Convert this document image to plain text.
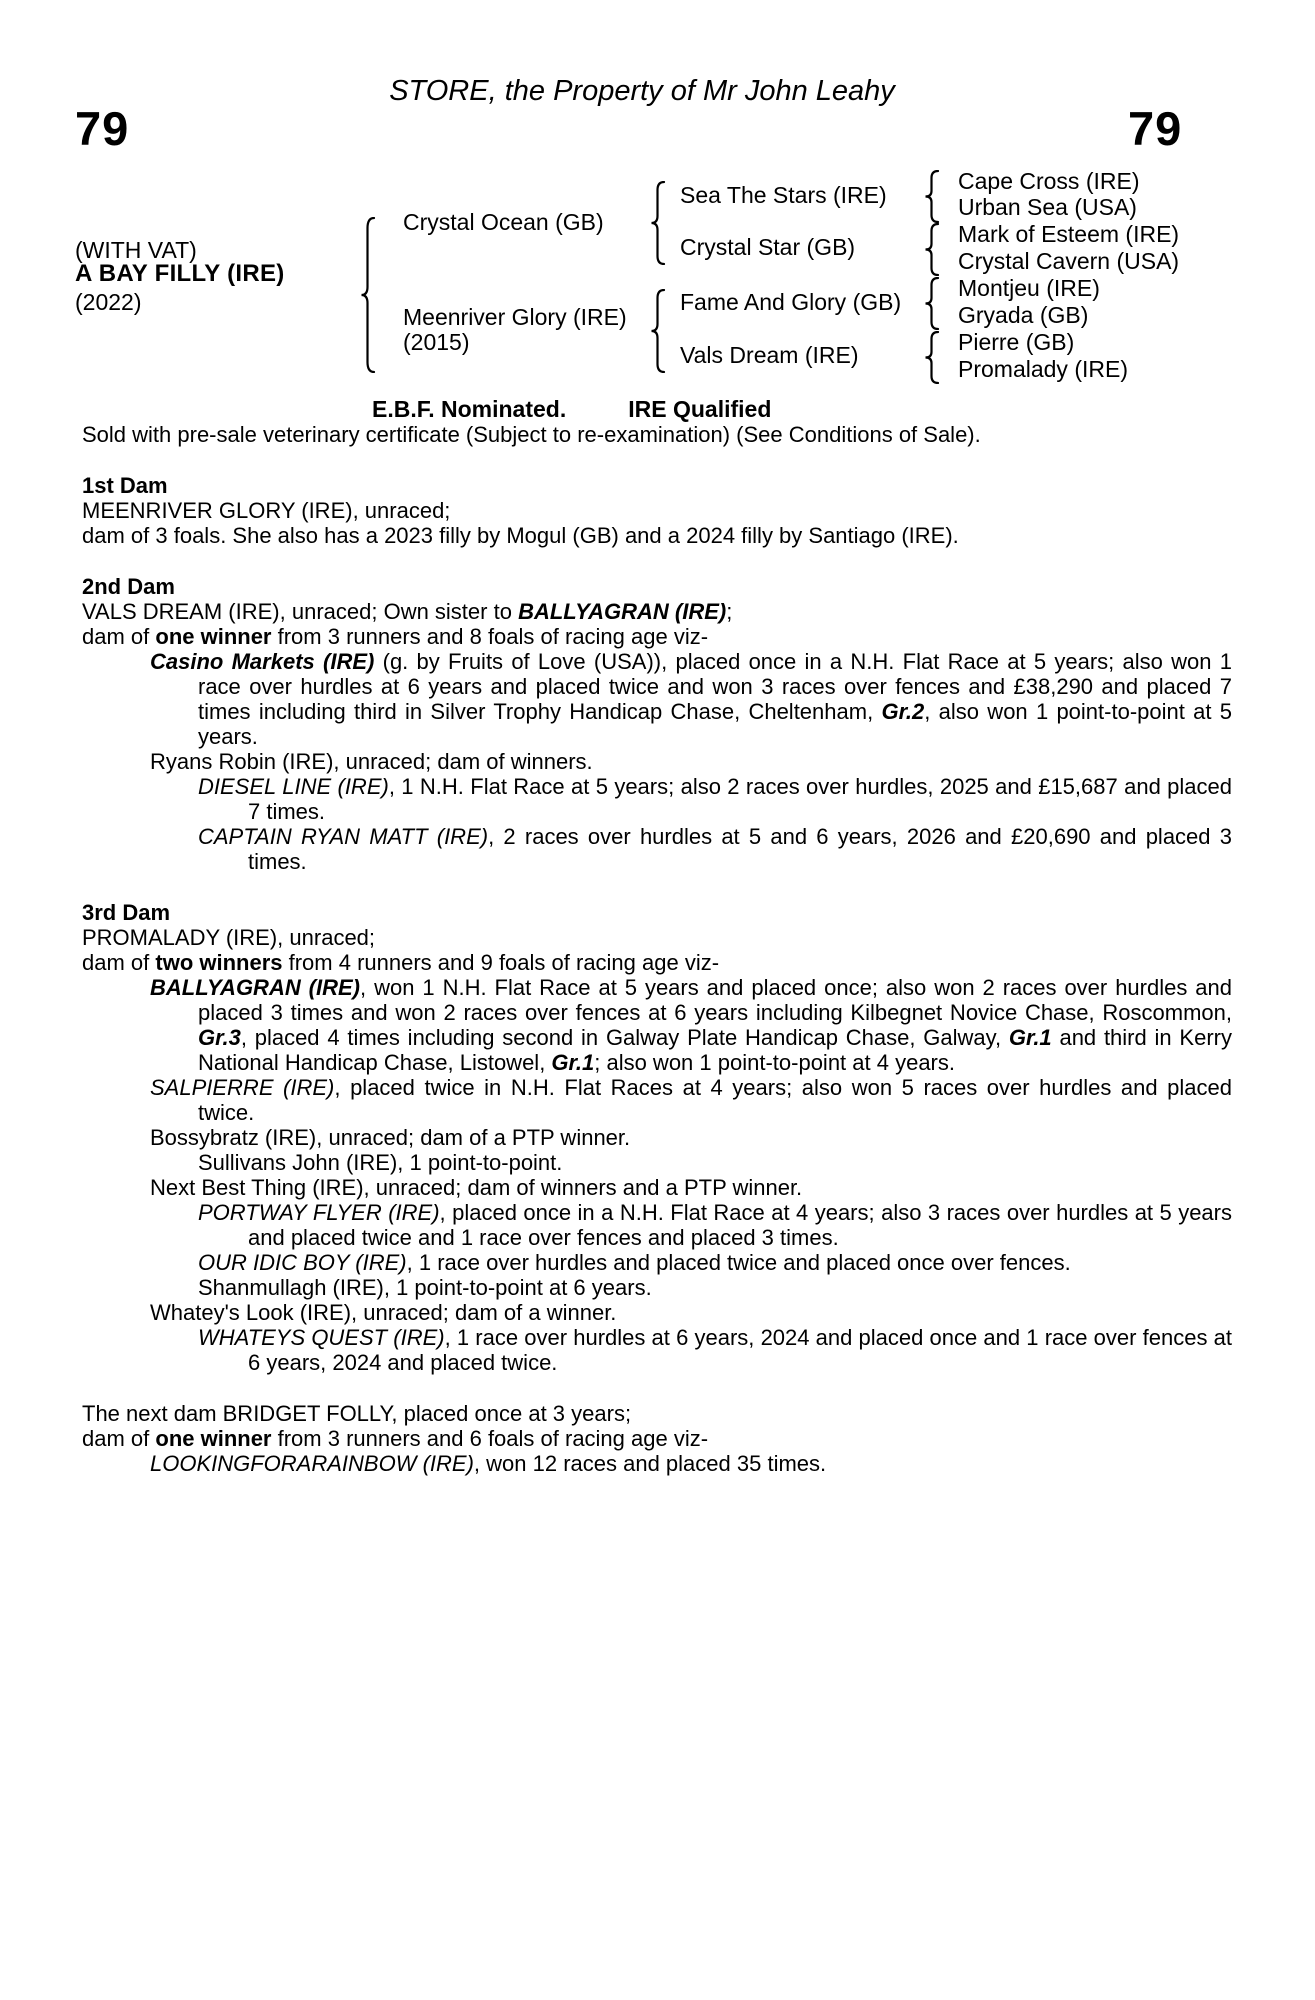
79
STORE, the Property of Mr John Leahy
79
(WITH VAT)
A BAY FILLY (IRE)
(2022)
Crystal Ocean (GB)
Meenriver Glory (IRE)
(2015)
Sea The Stars (IRE)
Crystal Star (GB)
Fame And Glory (GB)
Vals Dream (IRE)
Cape Cross (IRE)
Urban Sea (USA)
Mark of Esteem (IRE)
Crystal Cavern (USA)
Montjeu (IRE)
Gryada (GB)
Pierre (GB)
Promalady (IRE)

E.B.F. Nominated.	IRE Qualified

Sold with pre-sale veterinary certificate (Subject to re-examination) (See Conditions of Sale).

1st Dam

MEENRIVER GLORY (IRE), unraced;

dam of 3 foals. She also has a 2023 filly by Mogul (GB) and a 2024 filly by Santiago (IRE).

2nd Dam

VALS DREAM (IRE), unraced; Own sister to BALLYAGRAN (IRE);

dam of one winner from 3 runners and 8 foals of racing age viz-

Casino Markets (IRE) (g. by Fruits of Love (USA)), placed once in a N.H. Flat Race at 5 years; also won 1 race over hurdles at 6 years and placed twice and won 3 races over fences and £38,290 and placed 7 times including third in Silver Trophy Handicap Chase, Cheltenham, Gr.2, also won 1 point-to-point at 5 years.

Ryans Robin (IRE), unraced; dam of winners.

DIESEL LINE (IRE), 1 N.H. Flat Race at 5 years; also 2 races over hurdles, 2025 and £15,687 and placed 7 times.

CAPTAIN RYAN MATT (IRE), 2 races over hurdles at 5 and 6 years, 2026 and £20,690 and placed 3 times.

3rd Dam

PROMALADY (IRE), unraced;

dam of two winners from 4 runners and 9 foals of racing age viz-

BALLYAGRAN (IRE), won 1 N.H. Flat Race at 5 years and placed once; also won 2 races over hurdles and placed 3 times and won 2 races over fences at 6 years including Kilbegnet Novice Chase, Roscommon, Gr.3, placed 4 times including second in Galway Plate Handicap Chase, Galway, Gr.1 and third in Kerry National Handicap Chase, Listowel, Gr.1; also won 1 point-to-point at 4 years.

SALPIERRE (IRE), placed twice in N.H. Flat Races at 4 years; also won 5 races over hurdles and placed twice.

Bossybratz (IRE), unraced; dam of a PTP winner.

Sullivans John (IRE), 1 point-to-point.

Next Best Thing (IRE), unraced; dam of winners and a PTP winner.

PORTWAY FLYER (IRE), placed once in a N.H. Flat Race at 4 years; also 3 races over hurdles at 5 years and placed twice and 1 race over fences and placed 3 times.

OUR IDIC BOY (IRE), 1 race over hurdles and placed twice and placed once over fences.

Shanmullagh (IRE), 1 point-to-point at 6 years.

Whatey's Look (IRE), unraced; dam of a winner.

WHATEYS QUEST (IRE), 1 race over hurdles at 6 years, 2024 and placed once and 1 race over fences at 6 years, 2024 and placed twice.

The next dam BRIDGET FOLLY, placed once at 3 years;

dam of one winner from 3 runners and 6 foals of racing age viz-

LOOKINGFORARAINBOW (IRE), won 12 races and placed 35 times.
